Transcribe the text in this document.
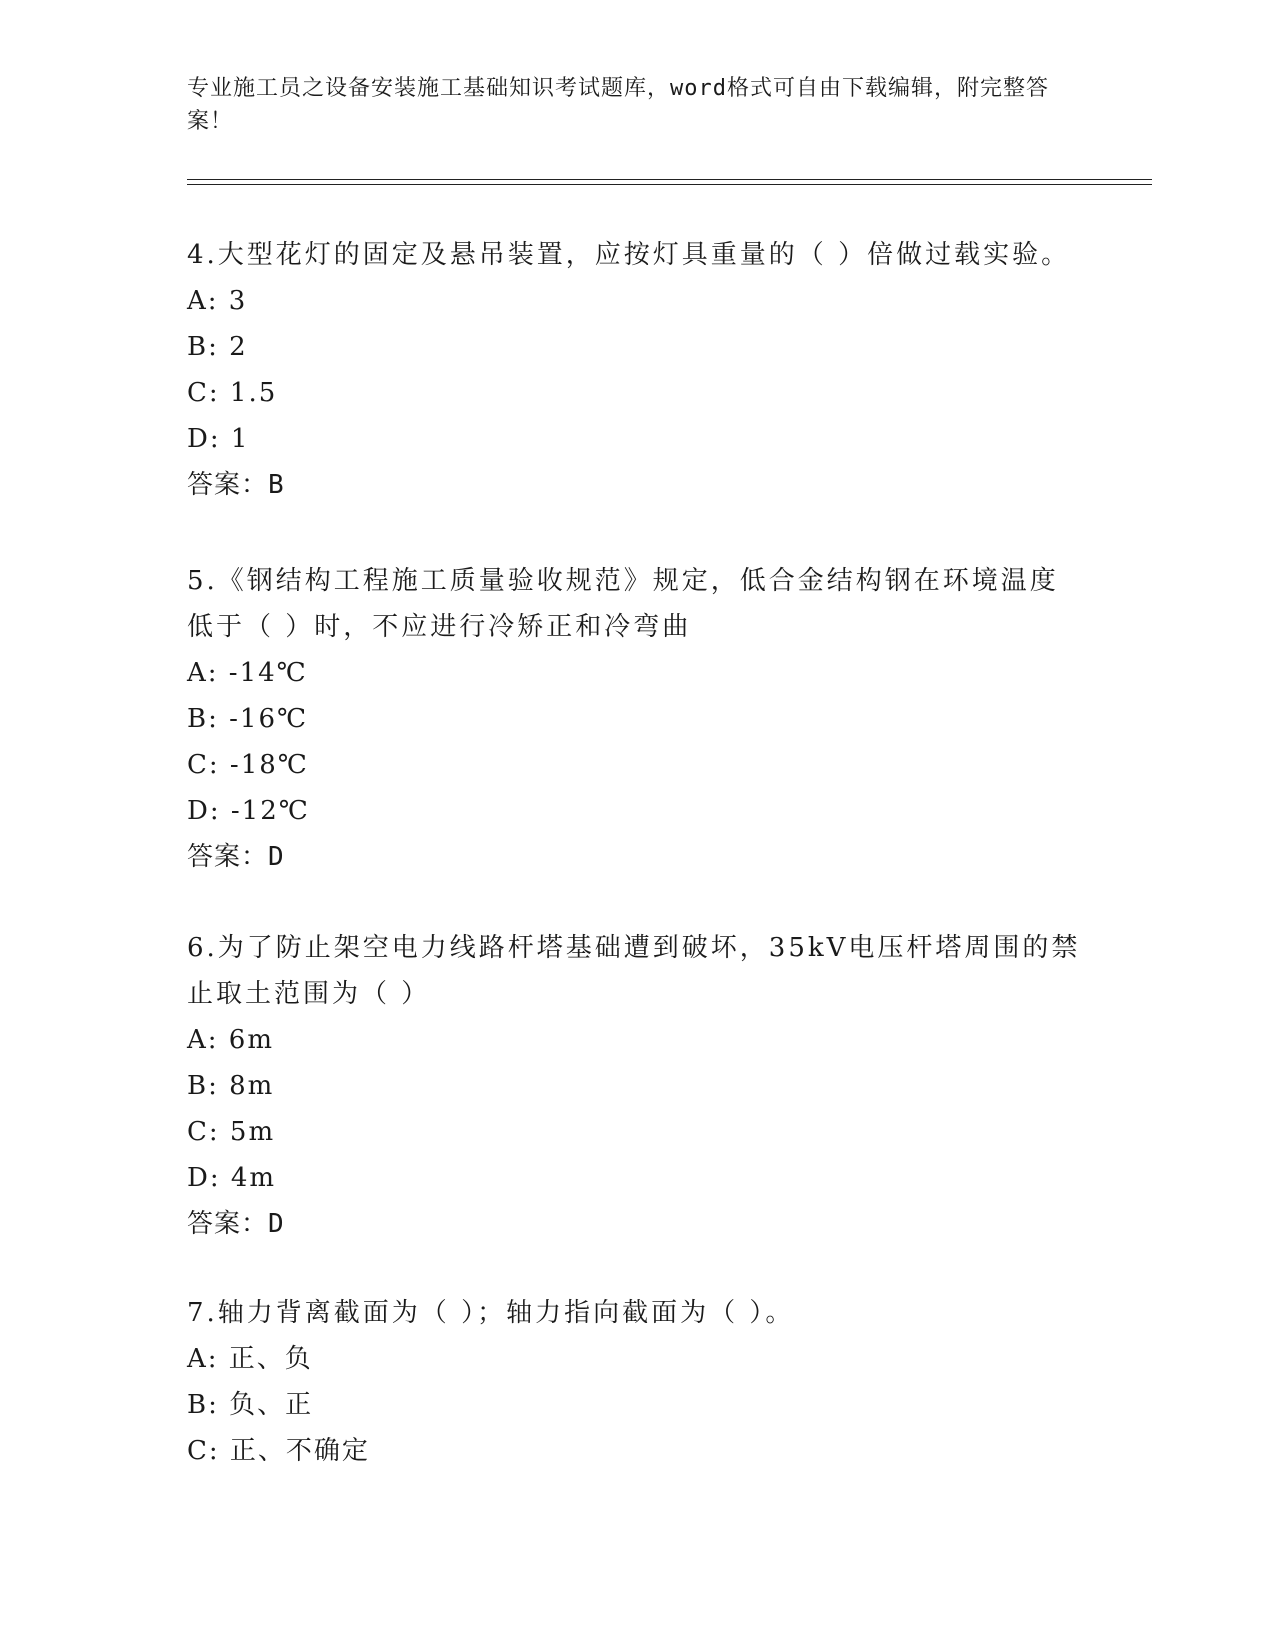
专业施工员之设备安装施工基础知识考试题库，word格式可自由下载编辑，附完整答案！

4.大型花灯的固定及悬吊装置，应按灯具重量的（ ）倍做过载实验。

A: 3

B: 2

C: 1.5

D: 1

答案：B

5.《钢结构工程施工质量验收规范》规定，低合金结构钢在环境温度低于（ ）时，不应进行冷矫正和冷弯曲

A: -14℃

B: -16℃

C: -18℃

D: -12℃

答案：D

6.为了防止架空电力线路杆塔基础遭到破坏，35kV电压杆塔周围的禁止取土范围为（ ）

A: 6m

B: 8m

C: 5m

D: 4m

答案：D

7.轴力背离截面为（ ）；轴力指向截面为（ ）。

A: 正、负

B: 负、正

C: 正、不确定
